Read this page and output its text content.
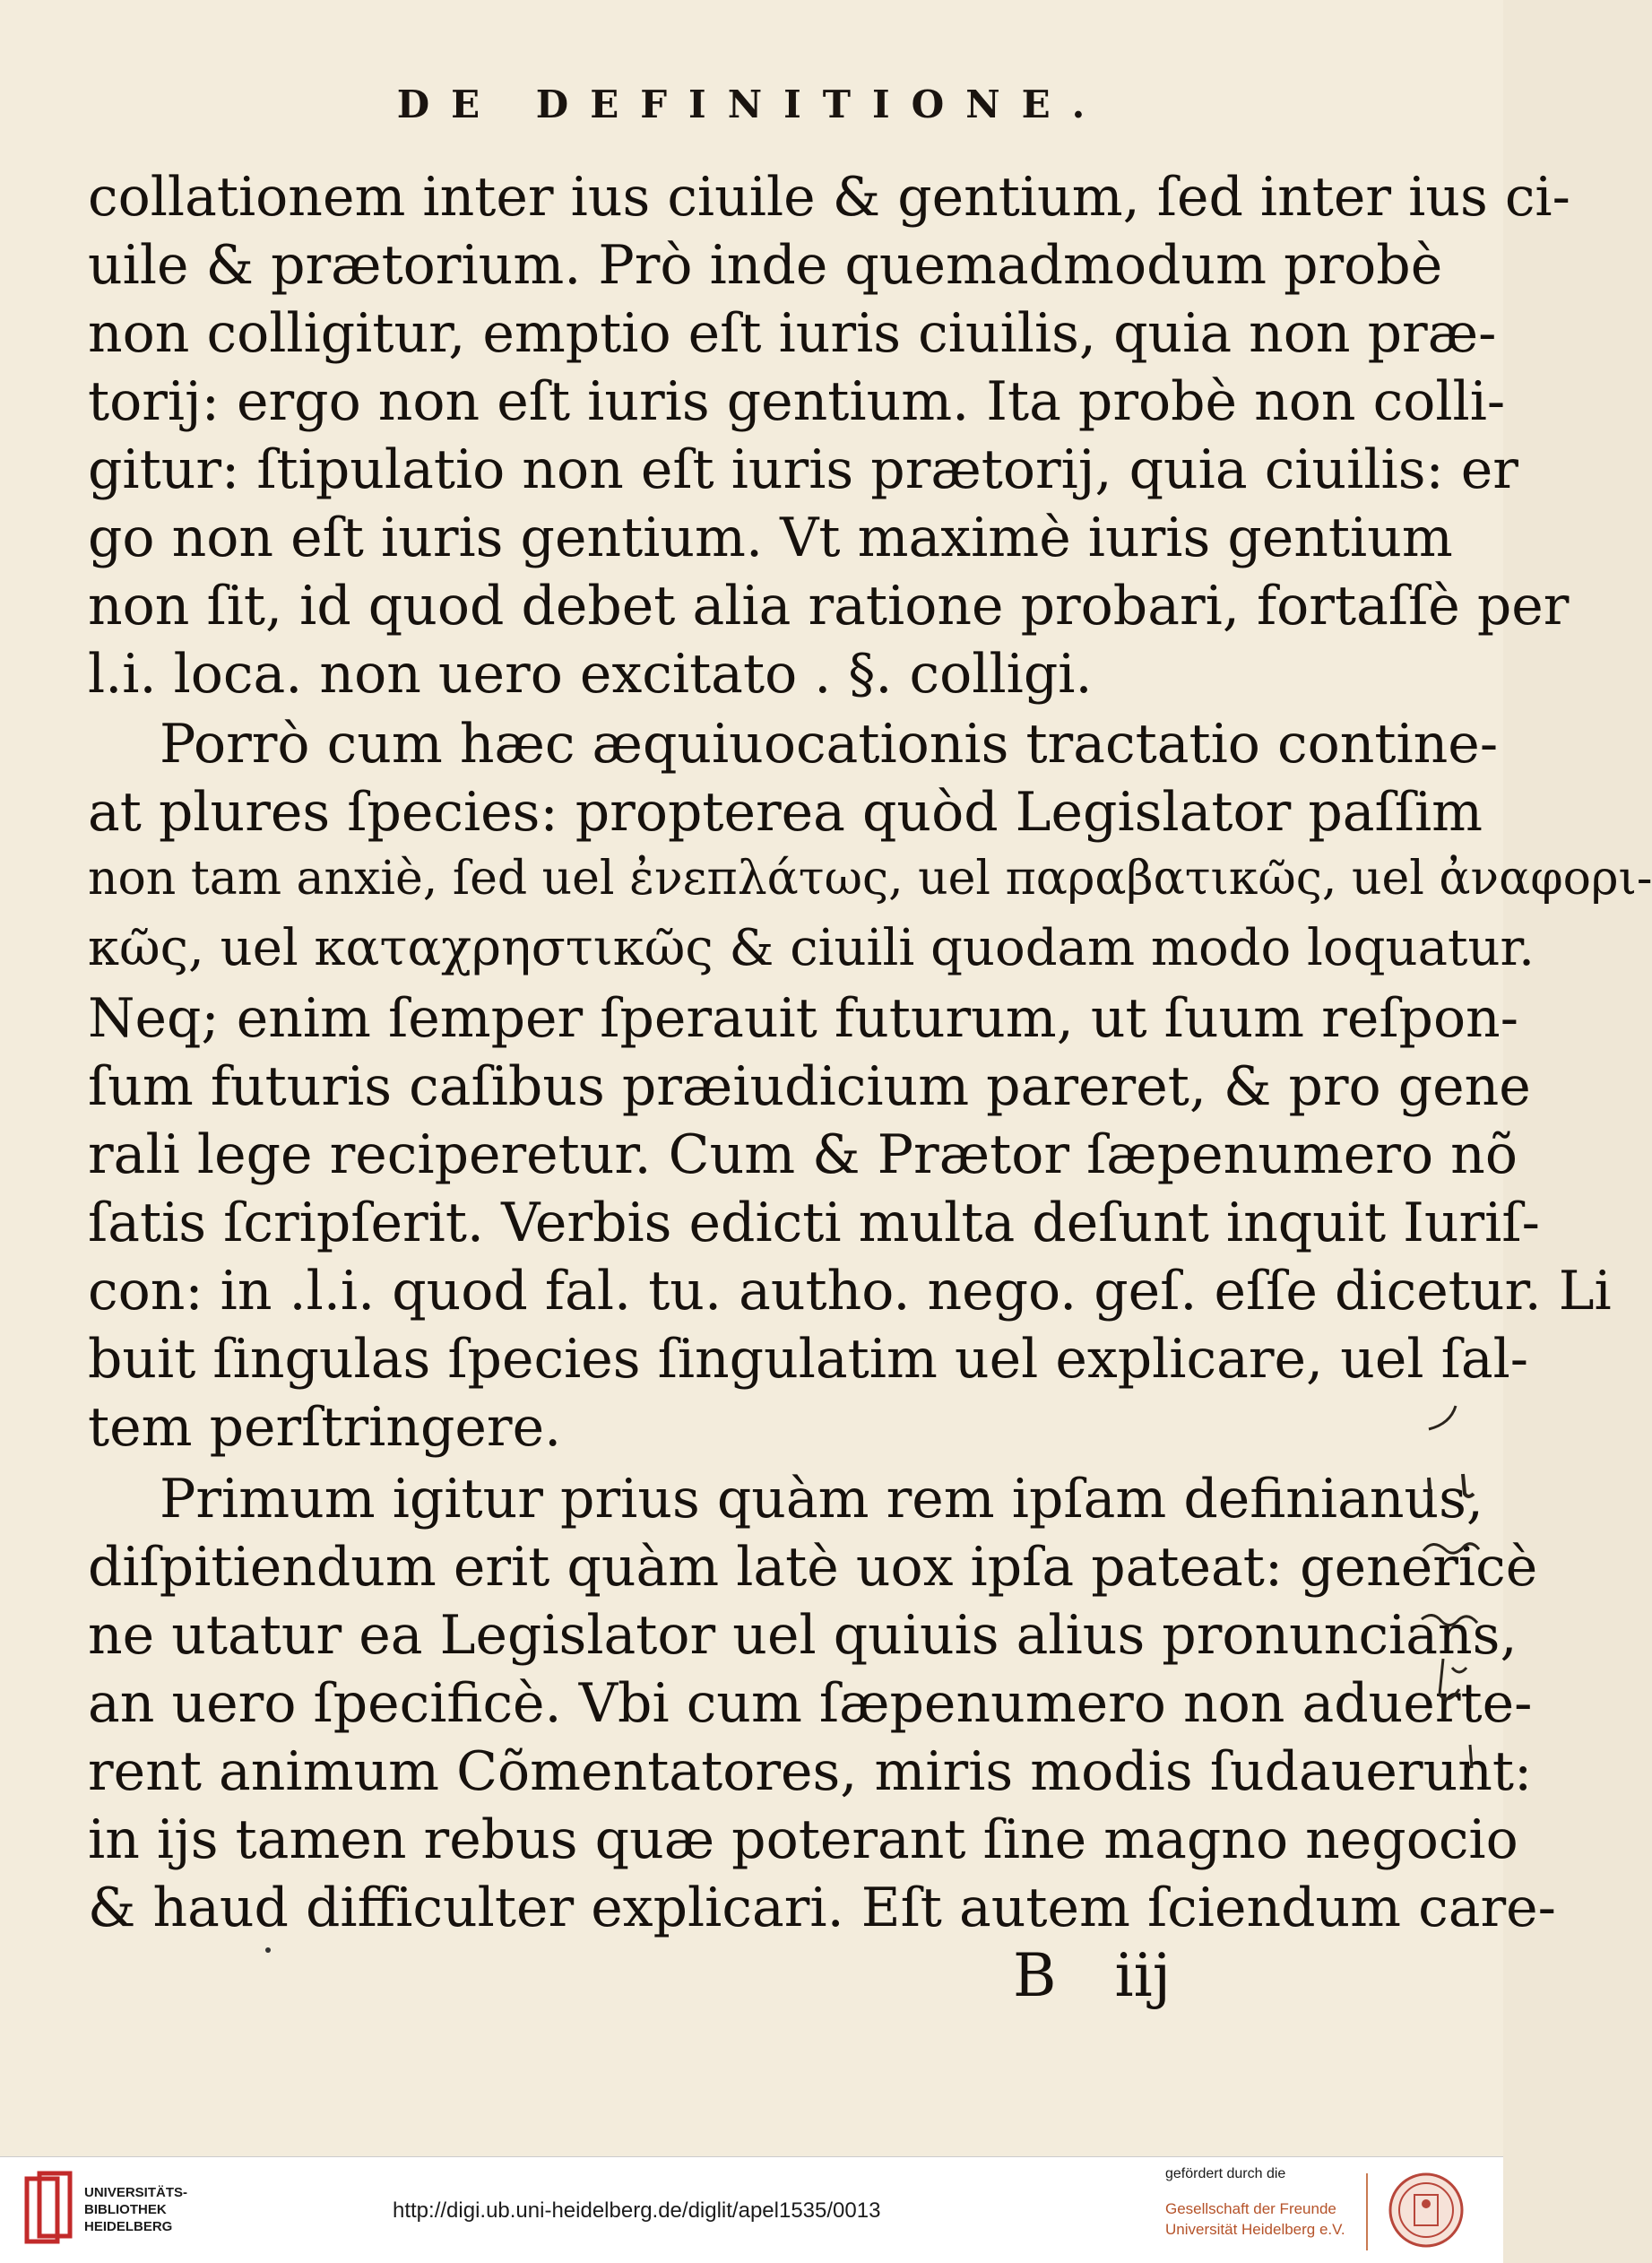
DE DEFINITIONE.
collationem inter ius ciuile & gentium, ſed inter ius ci-
uile & prætorium. Prò inde quemadmodum probè
non colligitur, emptio eſt iuris ciuilis, quia non præ-
torij: ergo non eſt iuris gentium. Ita probè non colli-
gitur: ſtipulatio non eſt iuris prætorij, quia ciuilis: er
go non eſt iuris gentium. Vt maximè iuris gentium
non ſit, id quod debet alia ratione probari, fortaſſè per
l.i. loca. non uero excitato . §. colligi.
Porrò cum hæc æquiuocationis tractatio contine-
at plures ſpecies: propterea quòd Legislator paſſim
non tam anxiè, ſed uel ἐνεπλάτως, uel παραβατικῶς, uel ἀναφορι-
κῶς, uel καταχρηστικῶς & ciuili quodam modo loquatur.
Neq; enim ſemper ſperauit futurum, ut ſuum reſpon-
ſum futuris caſibus præiudicium pareret, & pro gene
rali lege reciperetur. Cum & Prætor ſæpenumero nõ
ſatis ſcripſerit. Verbis edicti multa deſunt inquit Iuriſ-
con: in .l.i. quod fal. tu. autho. nego. geſ. eſſe dicetur. Li
buit ſingulas ſpecies ſingulatim uel explicare, uel ſal-
tem perſtringere.
Primum igitur prius quàm rem ipſam definianus,
diſpitiendum erit quàm latè uox ipſa pateat: genericè
ne utatur ea Legislator uel quiuis alius pronuncians,
an uero ſpecificè. Vbi cum ſæpenumero non aduerte-
rent animum Cõmentatores, miris modis ſudauerunt:
in ijs tamen rebus quæ poterant ſine magno negocio
& haud difficulter explicari. Eſt autem ſciendum care-
B iij
UNIVERSITÄTS-
BIBLIOTHEK
HEIDELBERG
http://digi.ub.uni-heidelberg.de/diglit/apel1535/0013
gefördert durch die
Gesellschaft der Freunde
Universität Heidelberg e.V.
